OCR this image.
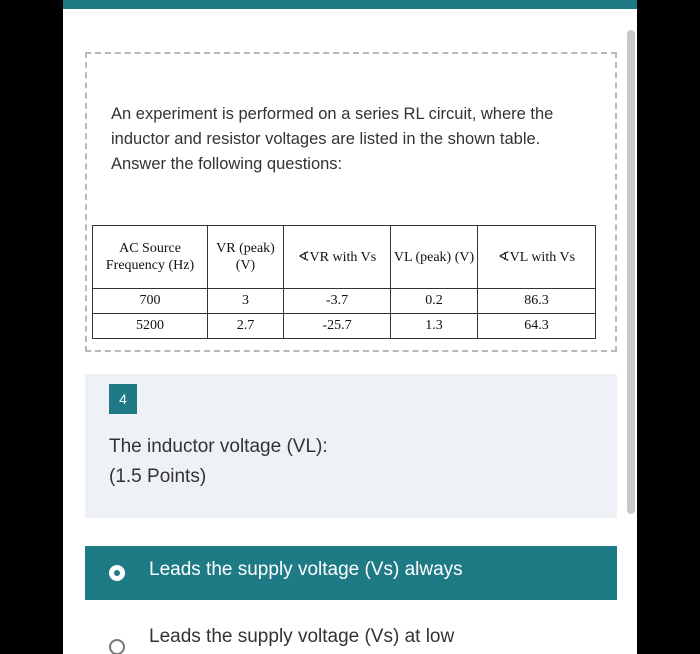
An experiment is performed on a series RL circuit, where the inductor and resistor voltages are listed in the shown table. Answer the following questions:
AC Source Frequency (Hz)	VR (peak) (V)	∢VR with Vs	VL (peak) (V)	∢VL with Vs
700	3	-3.7	0.2	86.3
5200	2.7	-25.7	1.3	64.3
4
The inductor voltage (VL):
(1.5 Points)
Leads the supply voltage (Vs) always
Leads the supply voltage (Vs) at low
